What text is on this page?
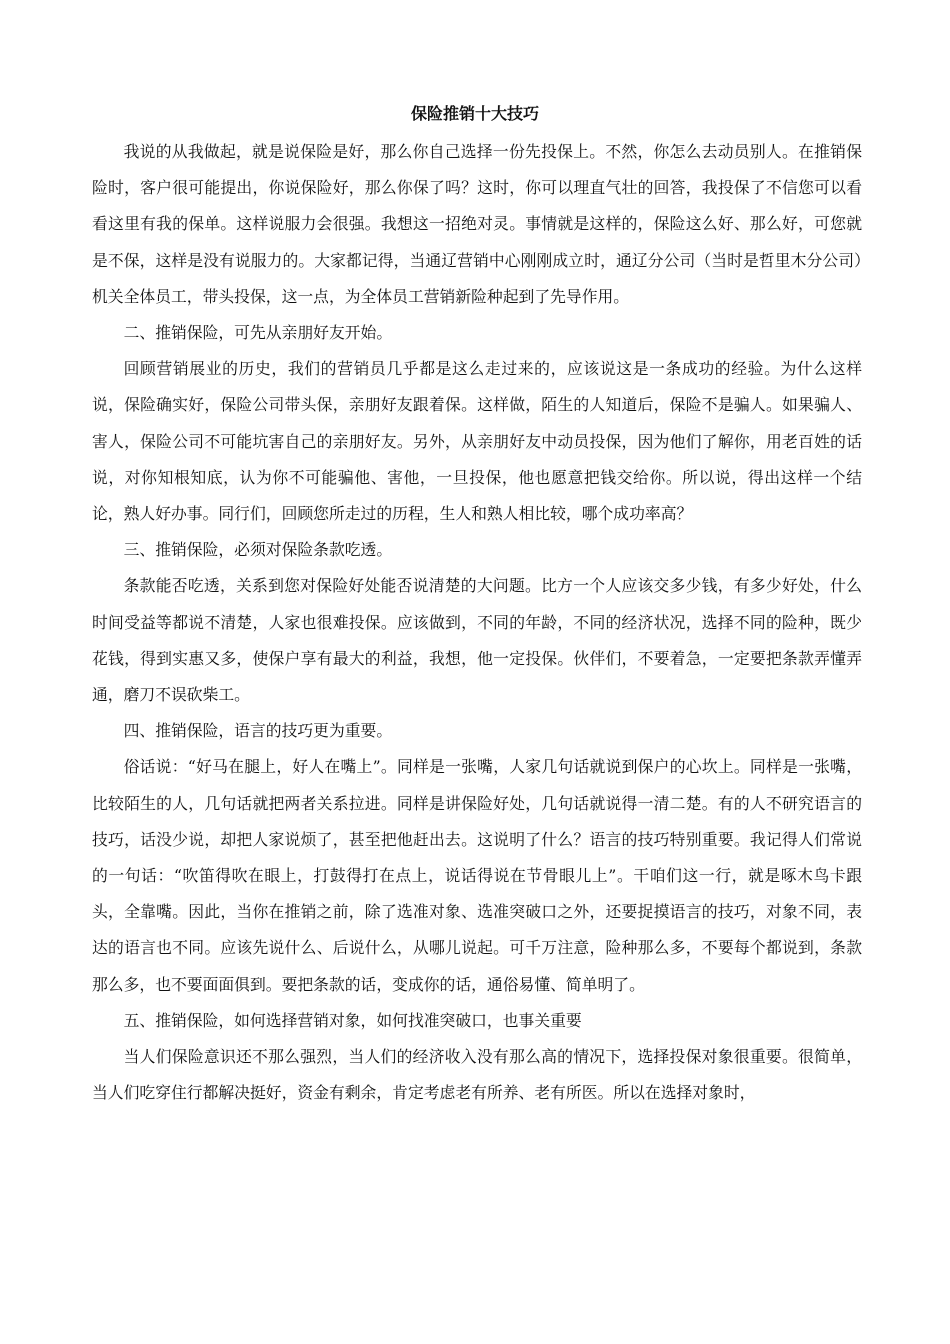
保险推销十大技巧

我说的从我做起，就是说保险是好，那么你自己选择一份先投保上。不然，你怎么去动员别人。在推销保险时，客户很可能提出，你说保险好，那么你保了吗？这时，你可以理直气壮的回答，我投保了不信您可以看看这里有我的保单。这样说服力会很强。我想这一招绝对灵。事情就是这样的，保险这么好、那么好，可您就是不保，这样是没有说服力的。大家都记得，当通辽营销中心刚刚成立时，通辽分公司（当时是哲里木分公司）机关全体员工，带头投保，这一点，为全体员工营销新险种起到了先导作用。

二、推销保险，可先从亲朋好友开始。

回顾营销展业的历史，我们的营销员几乎都是这么走过来的，应该说这是一条成功的经验。为什么这样说，保险确实好，保险公司带头保，亲朋好友跟着保。这样做，陌生的人知道后，保险不是骗人。如果骗人、害人，保险公司不可能坑害自己的亲朋好友。另外，从亲朋好友中动员投保，因为他们了解你，用老百姓的话说，对你知根知底，认为你不可能骗他、害他，一旦投保，他也愿意把钱交给你。所以说，得出这样一个结论，熟人好办事。同行们，回顾您所走过的历程，生人和熟人相比较，哪个成功率高？

三、推销保险，必须对保险条款吃透。

条款能否吃透，关系到您对保险好处能否说清楚的大问题。比方一个人应该交多少钱，有多少好处，什么时间受益等都说不清楚，人家也很难投保。应该做到，不同的年龄，不同的经济状况，选择不同的险种，既少花钱，得到实惠又多，使保户享有最大的利益，我想，他一定投保。伙伴们，不要着急，一定要把条款弄懂弄通，磨刀不误砍柴工。

四、推销保险，语言的技巧更为重要。

俗话说：“好马在腿上，好人在嘴上”。同样是一张嘴，人家几句话就说到保户的心坎上。同样是一张嘴，比较陌生的人，几句话就把两者关系拉进。同样是讲保险好处，几句话就说得一清二楚。有的人不研究语言的技巧，话没少说，却把人家说烦了，甚至把他赶出去。这说明了什么？语言的技巧特别重要。我记得人们常说的一句话：“吹笛得吹在眼上，打鼓得打在点上，说话得说在节骨眼儿上”。干咱们这一行，就是啄木鸟卡跟头，全靠嘴。因此，当你在推销之前，除了选准对象、选准突破口之外，还要捉摸语言的技巧，对象不同，表达的语言也不同。应该先说什么、后说什么，从哪儿说起。可千万注意，险种那么多，不要每个都说到，条款那么多，也不要面面俱到。要把条款的话，变成你的话，通俗易懂、简单明了。

五、推销保险，如何选择营销对象，如何找准突破口，也事关重要

当人们保险意识还不那么强烈，当人们的经济收入没有那么高的情况下，选择投保对象很重要。很简单，当人们吃穿住行都解决挺好，资金有剩余，肯定考虑老有所养、老有所医。所以在选择对象时，
